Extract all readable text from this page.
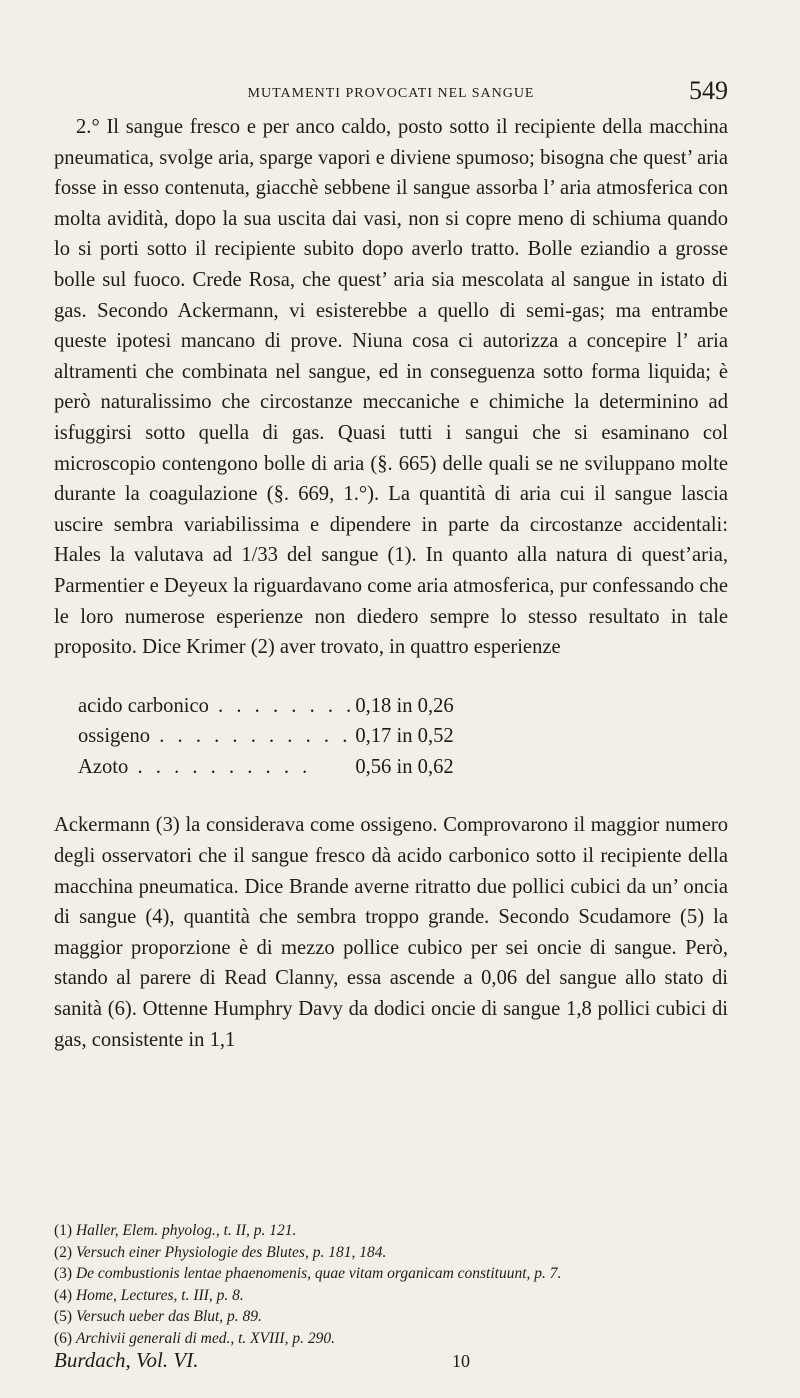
MUTAMENTI PROVOCATI NEL SANGUE	549

2.° Il sangue fresco e per anco caldo, posto sotto il recipiente della macchina pneumatica, svolge aria, sparge vapori e diviene spumoso; bisogna che quest’ aria fosse in esso contenuta, giacchè sebbene il sangue assorba l’ aria atmosferica con molta avidità, dopo la sua uscita dai vasi, non si copre meno di schiuma quando lo si porti sotto il recipiente subito dopo averlo tratto. Bolle eziandio a grosse bolle sul fuoco. Crede Rosa, che quest’ aria sia mescolata al sangue in istato di gas. Secondo Ackermann, vi esisterebbe a quello di semi-gas; ma entrambe queste ipotesi mancano di prove. Niuna cosa ci autorizza a concepire l’ aria altramenti che combinata nel sangue, ed in conseguenza sotto forma liquida; è però naturalissimo che circostanze meccaniche e chimiche la determinino ad isfuggirsi sotto quella di gas. Quasi tutti i sangui che si esaminano col microscopio contengono bolle di aria (§. 665) delle quali se ne sviluppano molte durante la coagulazione (§. 669, 1.°). La quantità di aria cui il sangue lascia uscire sembra variabilissima e dipendere in parte da circostanze accidentali: Hales la valutava ad 1/33 del sangue (1). In quanto alla natura di quest’aria, Parmentier e Deyeux la riguardavano come aria atmosferica, pur confessando che le loro numerose esperienze non diedero sempre lo stesso resultato in tale proposito. Dice Krimer (2) aver trovato, in quattro esperienze

acido carbonico . . . . . . . .	0,18 in 0,26
ossigeno . . . . . . . . . . .	0,17 in 0,52
Azoto . . . . . . . . . .	0,56 in 0,62

Ackermann (3) la considerava come ossigeno. Comprovarono il maggior numero degli osservatori che il sangue fresco dà acido carbonico sotto il recipiente della macchina pneumatica. Dice Brande averne ritratto due pollici cubici da un’ oncia di sangue (4), quantità che sembra troppo grande. Secondo Scudamore (5) la maggior proporzione è di mezzo pollice cubico per sei oncie di sangue. Però, stando al parere di Read Clanny, essa ascende a 0,06 del sangue allo stato di sanità (6). Ottenne Humphry Davy da dodici oncie di sangue 1,8 pollici cubici di gas, consistente in 1,1

(1) Haller, Elem. phyolog., t. II, p. 121.
(2) Versuch einer Physiologie des Blutes, p. 181, 184.
(3) De combustionis lentae phaenomenis, quae vitam organicam constituunt, p. 7.
(4) Home, Lectures, t. III, p. 8.
(5) Versuch ueber das Blut, p. 89.
(6) Archivii generali di med., t. XVIII, p. 290.
Burdach, Vol. VI.	10
